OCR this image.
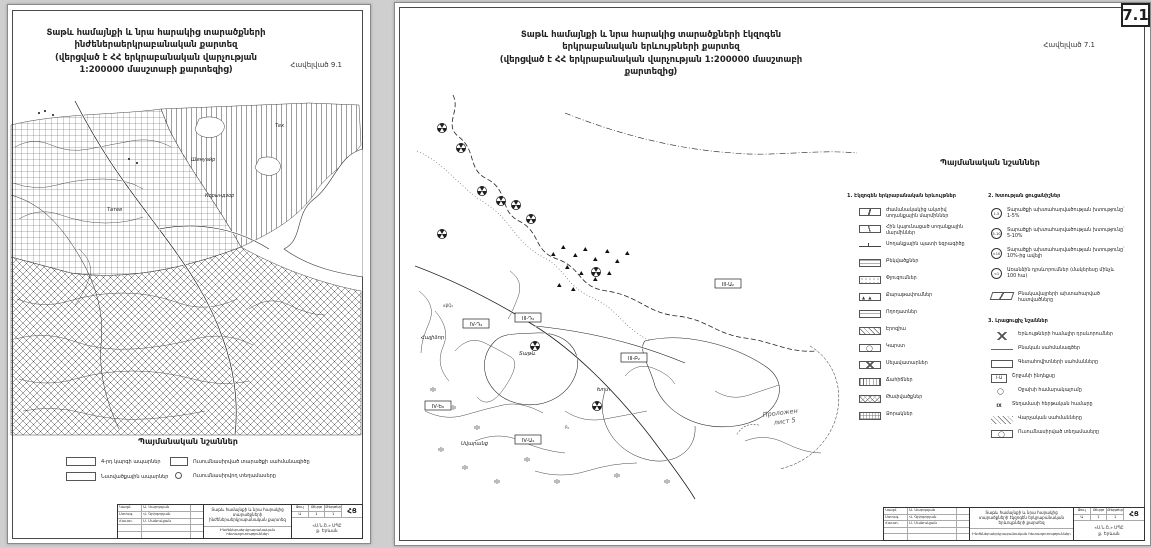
Տաթև համայնքի և նրա հարակից տարածքների
ինժեներաերկրաբանական քարտեզ
(վերցված է ՀՀ երկրաբանական վարչության
1:200000 մասշտաբի քարտեզից)	Հավելված 9.1
Тех
Шинуайр
Корындзор
Татев
Պայմանական նշաններ
4-րդ կարգի ապարներ
Նստվածքային ապարներ
Ուսումնասիրված տարածքի սահմանագիծը
Ուսումնասիրվող տեղամասերը
Կազմ.	Ա. Սարգսյան
Ստուգ.	Վ. Գրիգորյան
Հաստ.	Ս. Մանուկյան
Տաթև համայնքի և նրա հարակից տարածքների ինժեներաերկրաբանական քարտեզ
Ինժեներաերկրաբանական հետազոտություններ
Փուլ
Ա
Թերթ
1
Թերթեր
1	ՀՑ
«Ս.Ն.Շ.» ՍՊԸ
ք. Երևան
7.1
Տաթև համայնքի և նրա հարակից տարածքների էկզոգեն
երկրաբանական երևույթների քարտեզ
(վերցված է ՀՀ երկրաբանական վարչության 1:200000 մասշտաբի
քարտեզից)
Հավելված 7.1
III-Ա₂
IV-Դ₄
III-Դ₄
III-Բ₂
IV-Ա₄
IV-Ե₈
Տաթև
Հալիձոր
Խոտ
Սվարանց
αβQ₂
P₂
Проложен
лист 5
Պայմանական նշաններ
1. Էկզոգեն երկրաբանական երևույթներ
Ժամանակակից ակտիվ սողանքային մարմիններ
Հին կայունացած սողանքային մարմիններ
Սողանքային պատի եզրագիծը
Բեկվածքներ
Փլուզումներ
▲ ▲
Քարաթափումներ
Ողողատներ
Էրոզիա
◯
Կարստ
Սելավատարներ
Ճահիճներ
Թափվածքներ
Ձորակներ
2. Խտության ցուցանիշներ
1-5
Տարածքի ախտահարվածության խտությունը՝ 1-5%
5-10
Տարածքի ախտահարվածության խտությունը՝ 5-10%
>10
Տարածքի ախտահարվածության խտությունը՝ 10%-ից ավելի
<1
Առանձին դրսևորումներ (մակերեսը մինչև 100 հա)
Բնակավայրերի ախտահարված հատվածները
3. Լրացուցիչ նշաններ
Երևույթների համալիր դրսևորումներ
Բնական սահմանագծեր
Գետահովիտների սահմանները
I-Ա	Շրջանի ինդեքսը
◯
Օջախի համարակալումը
IX	Տեղամասի հերթական համարը
Վարչական սահմանները
◯
Ուսումնասիրված տեղամասերը
Կազմ.	Ա. Սարգսյան
Ստուգ.	Վ. Գրիգորյան
Հաստ.	Ս. Մանուկյան
Տաթև համայնքի և նրա հարակից տարածքների էկզոգեն երկրաբանական երևույթների քարտեզ
Ինժեներաերկրաբանական հետազոտություններ
Փուլ
Ա
Թերթ
1
Թերթեր
1	ՀՑ
«Ս.Ն.Շ.» ՍՊԸ
ք. Երևան
